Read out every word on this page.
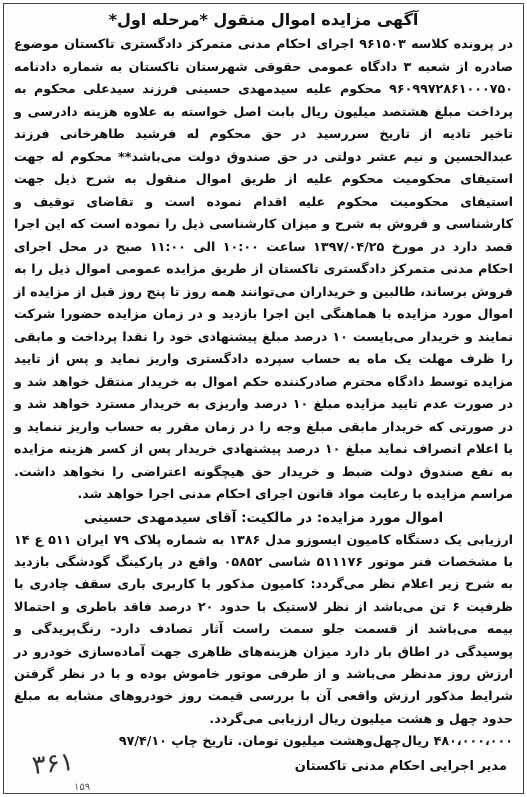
آگهی مزایده اموال منقول *مرحله اول*
در پرونده کلاسه ۹۶۱۵۰۳ اجرای احکام مدنی متمرکز دادگستری تاکستان موضوع صادره از شعبه ۳ دادگاه عمومی حقوقی شهرستان تاکستان به شماره دادنامه ۹۶۰۹۹۷۲۸۶۱۰۰۰۷۵۰ محکوم علیه سیدمهدی حسینی فرزند سیدعلی محکوم به پرداخت مبلغ هشتصد میلیون ریال بابت اصل خواسته به علاوه هزینه دادرسی و تاخیر تادیه از تاریخ سررسید در حق محکوم له فرشید طاهرخانی فرزند عبدالحسین و نیم عشر دولتی در حق صندوق دولت می‌باشد** محکوم له جهت استیفای محکومیت محکوم علیه از طریق اموال منقول به شرح ذیل جهت استیفای محکومیت محکوم علیه اقدام نموده است و تقاضای توقیف و کارشناسی و فروش به شرح و میزان کارشناسی ذیل را نموده است که این اجرا قصد دارد در مورخ ۱۳۹۷/۰۴/۲۵ ساعت ۱۰:۰۰ الی ۱۱:۰۰ صبح در محل اجرای احکام مدنی متمرکز دادگستری تاکستان از طریق مزایده عمومی اموال ذیل را به فروش برساند، طالبین و خریداران می‌توانند همه روز تا پنج روز قبل از مزایده از اموال مورد مزایده با هماهنگی این اجرا بازدید و در زمان مزایده حضورا شرکت نمایند و خریدار می‌بایست ۱۰ درصد مبلغ پیشنهادی خود را نقدا پرداخت و مابقی را ظرف مهلت یک ماه به حساب سپرده دادگستری واریز نماید و پس از تایید مزایده توسط دادگاه محترم صادرکننده حکم اموال به خریدار منتقل خواهد شد و در صورت عدم تایید مزایده مبلغ ۱۰ درصد واریزی به خریدار مسترد خواهد شد و در صورتی که خریدار مابقی مبلغ وجه را در زمان مقرر به حساب واریز ننماید و یا اعلام انصراف نماید مبلغ ۱۰ درصد پیشنهادی خریدار پس از کسر هزینه مزایده به نفع صندوق دولت ضبط و خریدار حق هیچگونه اعتراضی را نخواهد داشت. مراسم مزایده با رعایت مواد قانون اجرای احکام مدنی اجرا خواهد شد.
اموال مورد مزایده: در مالکیت: آقای سیدمهدی حسینی
ارزیابی یک دستگاه کامیون ایسوزو مدل ۱۳۸۶ به شماره پلاک ۷۹ ایران ۵۱۱ ع ۱۴ با مشخصات فنر موتور ۵۱۱۱۷۶ شاسی ۰۵۸۵۲ واقع در پارکینگ گودشگی بازدید به شرح زیر اعلام نظر می‌گردد: کامیون مذکور با کاربری باری سقف چادری با ظرفیت ۶ تن می‌باشد از نظر لاستیک با حدود ۲۰ درصد فاقد باطری و احتمالا بیمه می‌باشد از قسمت جلو سمت راست آثار تصادف دارد- رنگ‌پریدگی و پوسیدگی در اطاق بار دارد میزان هزینه‌های ظاهری جهت آماده‌سازی خودرو در ارزش روز مدنظر می‌باشد و از طرفی موتور خاموش بوده و با در نظر گرفتن شرایط مذکور ارزش واقعی آن با بررسی قیمت روز خودروهای مشابه به مبلغ حدود چهل و هشت میلیون ریال ارزیابی می‌گردد.
۴۸۰،۰۰۰،۰۰۰ ریال‌چهل‌وهشت میلیون تومان. تاریخ چاپ ۹۷/۴/۱۰
مدیر اجرایی احکام مدنی تاکستان
۳۶۱
۱۵۹
